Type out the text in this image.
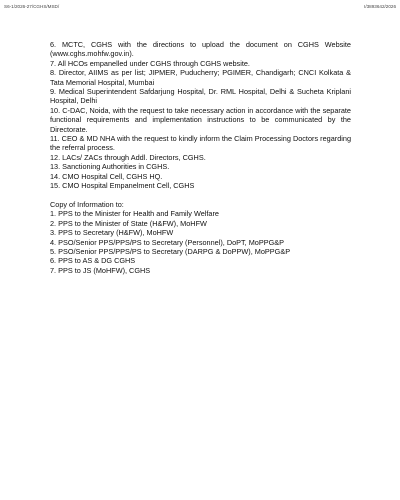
S6-1/2026-27/CGHS/MSD/	I/3893642/2026

6. MCTC, CGHS with the directions to upload the document on CGHS Website (www.cghs.mohfw.gov.in).

7. All HCOs empanelled under CGHS through CGHS website.

8. Director, AIIMS as per list; JIPMER, Puducherry; PGIMER, Chandigarh; CNCI Kolkata & Tata Memorial Hospital, Mumbai

9. Medical Superintendent Safdarjung Hospital, Dr. RML Hospital, Delhi & Sucheta Kriplani Hospital, Delhi

10. C-DAC, Noida, with the request to take necessary action in accordance with the separate functional requirements and implementation instructions to be communicated by the Directorate.

11. CEO & MD NHA with the request to kindly inform the Claim Processing Doctors regarding the referral process.

12. LACs/ ZACs through Addl. Directors, CGHS.

13. Sanctioning Authorities in CGHS.

14. CMO Hospital Cell, CGHS HQ.

15. CMO Hospital Empanelment Cell, CGHS

Copy of Information to:

1. PPS to the Minister for Health and Family Welfare

2. PPS to the Minister of State (H&FW), MoHFW

3. PPS to Secretary (H&FW), MoHFW

4. PSO/Senior PPS/PPS/PS to Secretary (Personnel), DoPT, MoPPG&P

5. PSO/Senior PPS/PPS/PS to Secretary (DARPG & DoPPW), MoPPG&P

6. PPS to AS & DG CGHS

7. PPS to JS (MoHFW), CGHS
